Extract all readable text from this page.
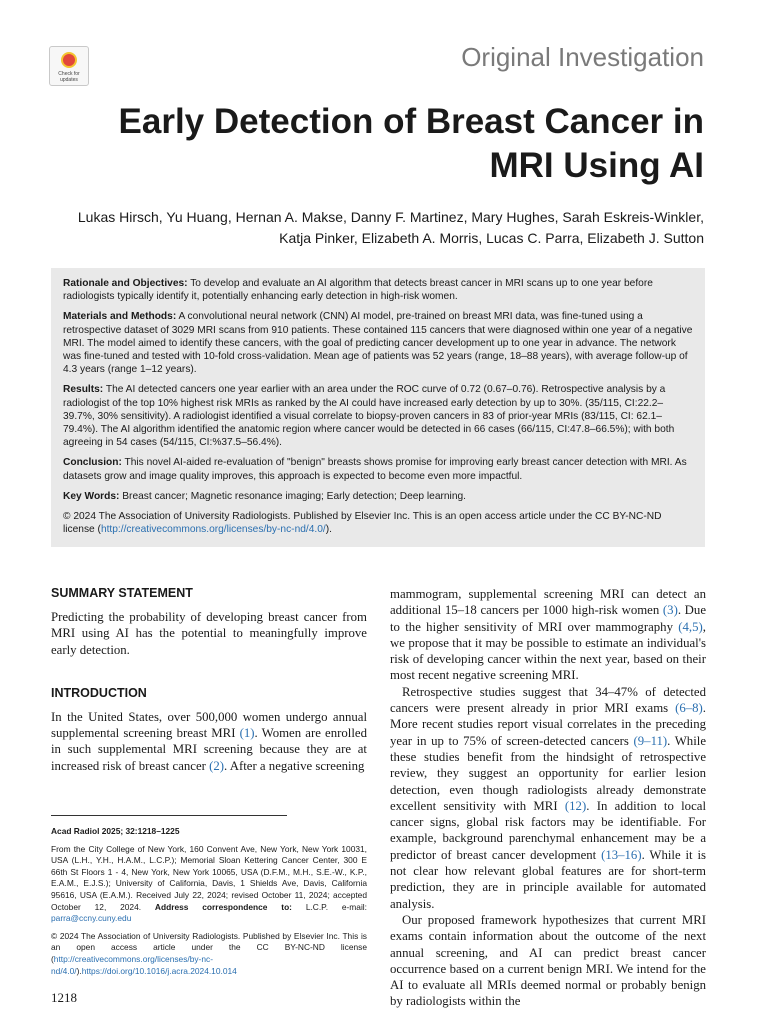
Check for
updates
Original Investigation
Early Detection of Breast Cancer in MRI Using AI
Lukas Hirsch, Yu Huang, Hernan A. Makse, Danny F. Martinez, Mary Hughes, Sarah Eskreis-Winkler, Katja Pinker, Elizabeth A. Morris, Lucas C. Parra, Elizabeth J. Sutton

Rationale and Objectives: To develop and evaluate an AI algorithm that detects breast cancer in MRI scans up to one year before radiologists typically identify it, potentially enhancing early detection in high-risk women.

Materials and Methods: A convolutional neural network (CNN) AI model, pre-trained on breast MRI data, was fine-tuned using a retrospective dataset of 3029 MRI scans from 910 patients. These contained 115 cancers that were diagnosed within one year of a negative MRI. The model aimed to identify these cancers, with the goal of predicting cancer development up to one year in advance. The network was fine-tuned and tested with 10-fold cross-validation. Mean age of patients was 52 years (range, 18–88 years), with average follow-up of 4.3 years (range 1–12 years).

Results: The AI detected cancers one year earlier with an area under the ROC curve of 0.72 (0.67–0.76). Retrospective analysis by a radiologist of the top 10% highest risk MRIs as ranked by the AI could have increased early detection by up to 30%. (35/115, CI:22.2–39.7%, 30% sensitivity). A radiologist identified a visual correlate to biopsy-proven cancers in 83 of prior-year MRIs (83/115, CI: 62.1–79.4%). The AI algorithm identified the anatomic region where cancer would be detected in 66 cases (66/115, CI:47.8–66.5%); with both agreeing in 54 cases (54/115, CI:%37.5–56.4%).

Conclusion: This novel AI-aided re-evaluation of "benign" breasts shows promise for improving early breast cancer detection with MRI. As datasets grow and image quality improves, this approach is expected to become even more impactful.

Key Words: Breast cancer; Magnetic resonance imaging; Early detection; Deep learning.

© 2024 The Association of University Radiologists. Published by Elsevier Inc. This is an open access article under the CC BY-NC-ND license (http://creativecommons.org/licenses/by-nc-nd/4.0/).

SUMMARY STATEMENT

Predicting the probability of developing breast cancer from MRI using AI has the potential to meaningfully improve early detection.

INTRODUCTION

In the United States, over 500,000 women undergo annual supplemental screening breast MRI (1). Women are enrolled in such supplemental MRI screening because they are at increased risk of breast cancer (2). After a negative screening

mammogram, supplemental screening MRI can detect an additional 15–18 cancers per 1000 high-risk women (3). Due to the higher sensitivity of MRI over mammography (4,5), we propose that it may be possible to estimate an individual's risk of developing cancer within the next year, based on their most recent negative screening MRI.

Retrospective studies suggest that 34–47% of detected cancers were present already in prior MRI exams (6–8). More recent studies report visual correlates in the preceding year in up to 75% of screen-detected cancers (9–11). While these studies benefit from the hindsight of retrospective review, they suggest an opportunity for earlier lesion detection, even though radiologists already demonstrate excellent sensitivity with MRI (12). In addition to local cancer signs, global risk factors may be identifiable. For example, background parenchymal enhancement may be a predictor of breast cancer development (13–16). While it is not clear how relevant global features are for short-term prediction, they are in principle available for automated analysis.

Our proposed framework hypothesizes that current MRI exams contain information about the outcome of the next annual screening, and AI can predict breast cancer occurrence based on a current benign MRI. We intend for the AI to evaluate all MRIs deemed normal or probably benign by radiologists within the

Acad Radiol 2025; 32:1218–1225

From the City College of New York, 160 Convent Ave, New York, New York 10031, USA (L.H., Y.H., H.A.M., L.C.P.); Memorial Sloan Kettering Cancer Center, 300 E 66th St Floors 1 - 4, New York, New York 10065, USA (D.F.M., M.H., S.E.-W., K.P., E.A.M., E.J.S.); University of California, Davis, 1 Shields Ave, Davis, California 95616, USA (E.A.M.). Received July 22, 2024; revised October 11, 2024; accepted October 12, 2024. Address correspondence to: L.C.P. e-mail: parra@ccny.cuny.edu

© 2024 The Association of University Radiologists. Published by Elsevier Inc. This is an open access article under the CC BY-NC-ND license (http://creativecommons.org/licenses/by-nc-nd/4.0/).https://doi.org/10.1016/j.acra.2024.10.014

1218
